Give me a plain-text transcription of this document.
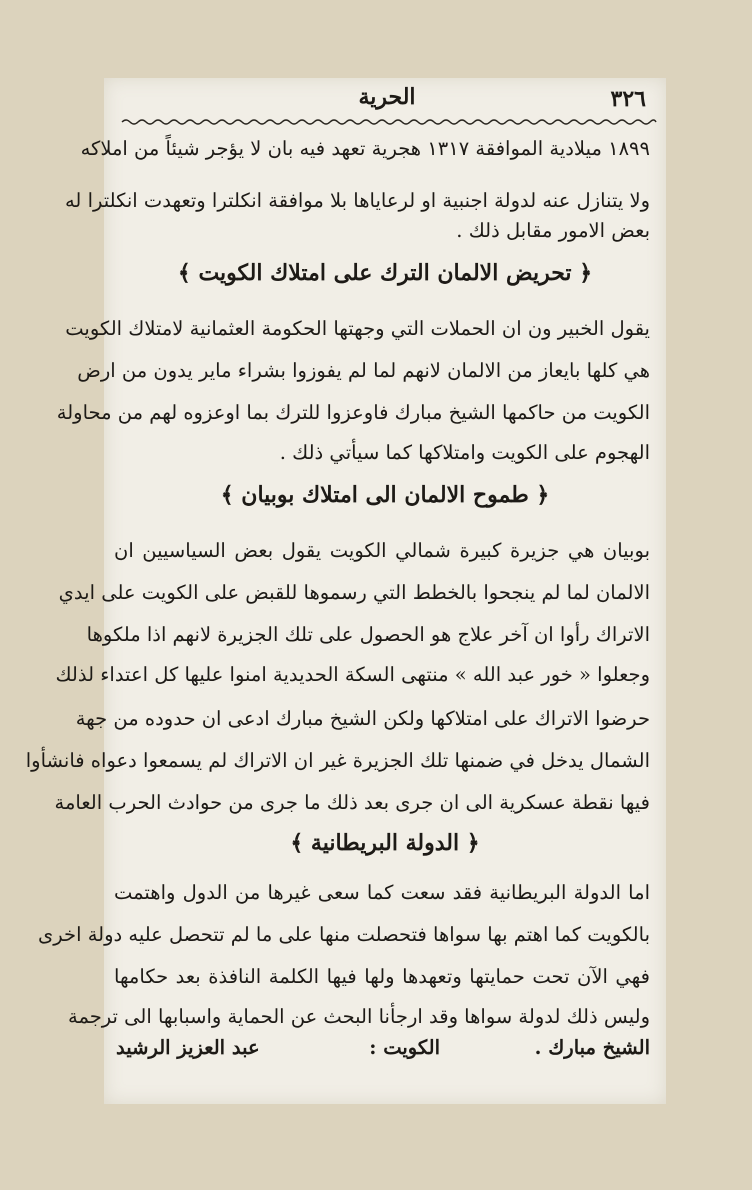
٣٢٦
الحرية
١٨٩٩ ميلادية الموافقة ١٣١٧ هجرية تعهد فيه بان لا يؤجر شيئاً من املاكه
ولا يتنازل عنه لدولة اجنبية او لرعاياها بلا موافقة انكلترا وتعهدت انكلترا له
بعض الامور مقابل ذلك .
﴿ تحريض الالمان الترك على امتلاك الكويت ﴾
يقول الخبير ون ان الحملات التي وجهتها الحكومة العثمانية لامتلاك الكويت
هي كلها بايعاز من الالمان لانهم لما لم يفوزوا بشراء ماير يدون من ارض
الكويت من حاكمها الشيخ مبارك فاوعزوا للترك بما اوعزوه لهم من محاولة
الهجوم على الكويت وامتلاكها كما سيأتي ذلك .
﴿ طموح الالمان الى امتلاك بوبيان ﴾
بوبيان هي جزيرة كبيرة شمالي الكويت يقول بعض السياسيين ان
الالمان لما لم ينجحوا بالخطط التي رسموها للقبض على الكويت على ايدي
الاتراك رأوا ان آخر علاج هو الحصول على تلك الجزيرة لانهم اذا ملكوها
وجعلوا « خور عبد الله » منتهى السكة الحديدية امنوا عليها كل اعتداء لذلك
حرضوا الاتراك على امتلاكها ولكن الشيخ مبارك ادعى ان حدوده من جهة
الشمال يدخل في ضمنها تلك الجزيرة غير ان الاتراك لم يسمعوا دعواه فانشأوا
فيها نقطة عسكرية الى ان جرى بعد ذلك ما جرى من حوادث الحرب العامة
﴿ الدولة البريطانية ﴾
اما الدولة البريطانية فقد سعت كما سعى غيرها من الدول واهتمت
بالكويت كما اهتم بها سواها فتحصلت منها على ما لم تتحصل عليه دولة اخرى
فهي الآن تحت حمايتها وتعهدها ولها فيها الكلمة النافذة بعد حكامها
وليس ذلك لدولة سواها وقد ارجأنا البحث عن الحماية واسبابها الى ترجمة
الشيخ مبارك .
الكويت :
عبد العزيز الرشيد
